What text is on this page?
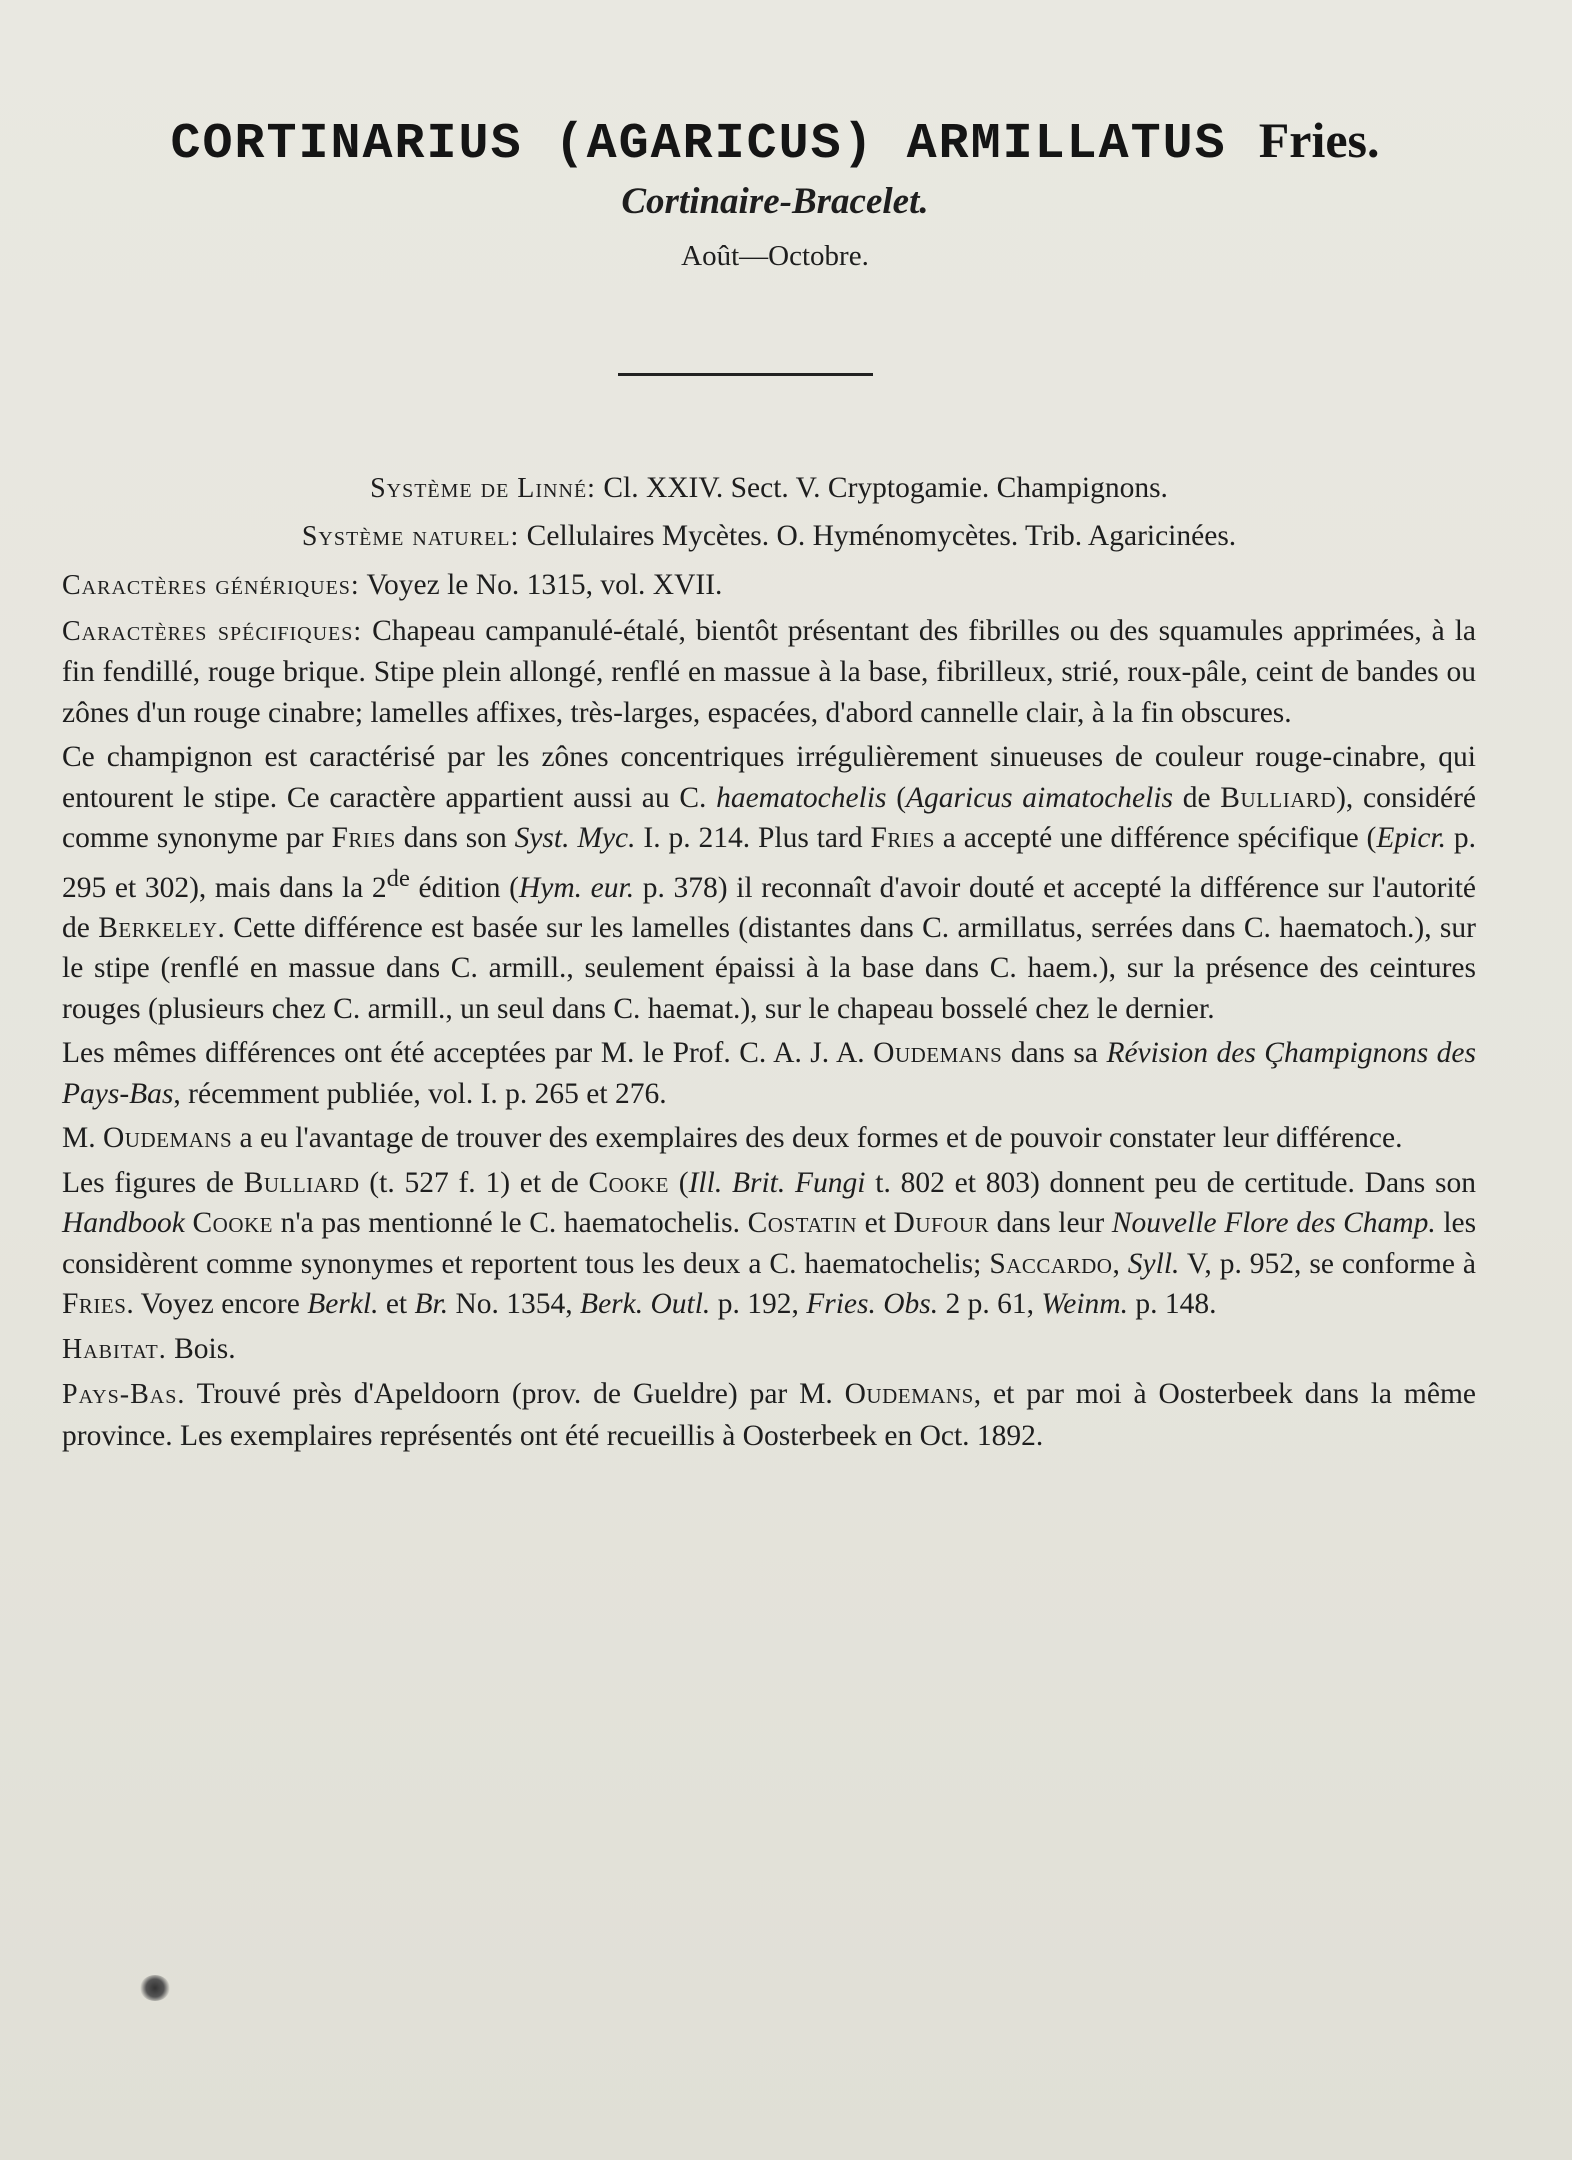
CORTINARIUS (AGARICUS) ARMILLATUS Fries.
Cortinaire-Bracelet.
Août—Octobre.

Système de Linné: Cl. XXIV. Sect. V. Cryptogamie. Champignons.

Système naturel: Cellulaires Mycètes. O. Hyménomycètes. Trib. Agaricinées.

Caractères génériques: Voyez le No. 1315, vol. XVII.

Caractères spécifiques: Chapeau campanulé-étalé, bientôt présentant des fibrilles ou des squamules apprimées, à la fin fendillé, rouge brique. Stipe plein allongé, renflé en massue à la base, fibrilleux, strié, roux-pâle, ceint de bandes ou zônes d'un rouge cinabre; lamelles affixes, très-larges, espacées, d'abord cannelle clair, à la fin obscures.

Ce champignon est caractérisé par les zônes concentriques irrégulièrement sinueuses de couleur rouge-cinabre, qui entourent le stipe. Ce caractère appartient aussi au C. haematochelis (Agaricus aimatochelis de Bulliard), considéré comme synonyme par Fries dans son Syst. Myc. I. p. 214. Plus tard Fries a accepté une différence spécifique (Epicr. p. 295 et 302), mais dans la 2de édition (Hym. eur. p. 378) il reconnaît d'avoir douté et accepté la différence sur l'autorité de Berkeley. Cette différence est basée sur les lamelles (distantes dans C. armillatus, serrées dans C. haematoch.), sur le stipe (renflé en massue dans C. armill., seulement épaissi à la base dans C. haem.), sur la présence des ceintures rouges (plusieurs chez C. armill., un seul dans C. haemat.), sur le chapeau bosselé chez le dernier.

Les mêmes différences ont été acceptées par M. le Prof. C. A. J. A. Oudemans dans sa Révision des Çhampignons des Pays-Bas, récemment publiée, vol. I. p. 265 et 276.

M. Oudemans a eu l'avantage de trouver des exemplaires des deux formes et de pouvoir constater leur différence.

Les figures de Bulliard (t. 527 f. 1) et de Cooke (Ill. Brit. Fungi t. 802 et 803) donnent peu de certitude. Dans son Handbook Cooke n'a pas mentionné le C. haematochelis. Costatin et Dufour dans leur Nouvelle Flore des Champ. les considèrent comme synonymes et reportent tous les deux a C. haematochelis; Saccardo, Syll. V, p. 952, se conforme à Fries. Voyez encore Berkl. et Br. No. 1354, Berk. Outl. p. 192, Fries. Obs. 2 p. 61, Weinm. p. 148.

Habitat. Bois.

Pays-Bas. Trouvé près d'Apeldoorn (prov. de Gueldre) par M. Oudemans, et par moi à Oosterbeek dans la même province. Les exemplaires représentés ont été recueillis à Oosterbeek en Oct. 1892.
